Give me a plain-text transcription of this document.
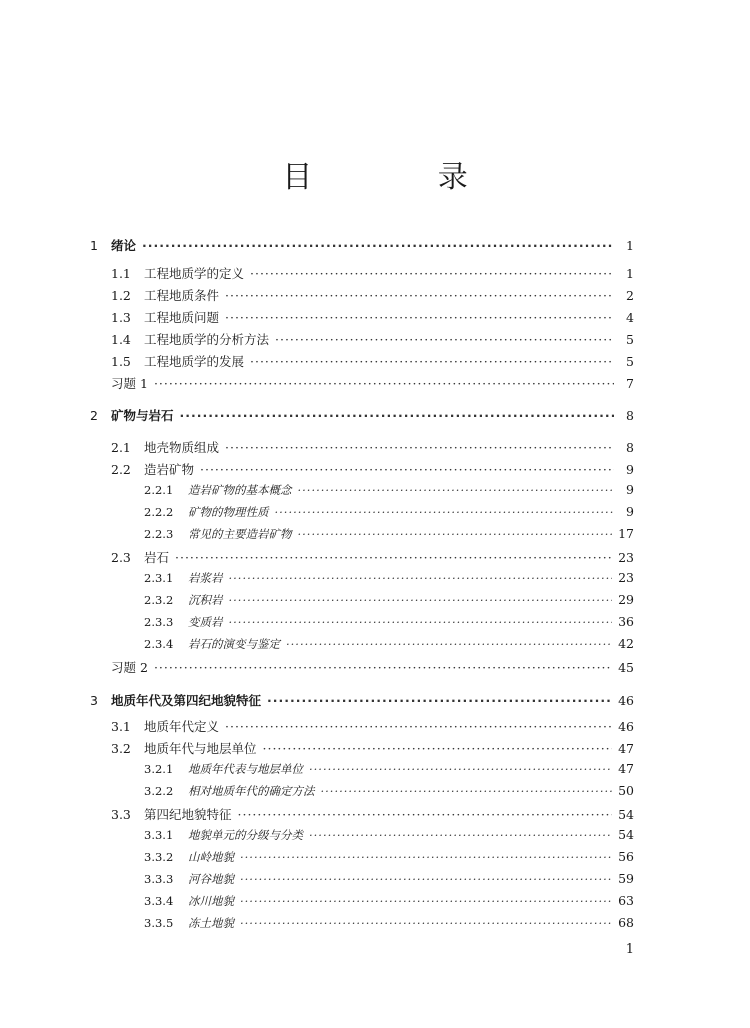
目 录
1	绪论 ·····	1
1.1	工程地质学的定义 ·····	1
1.2	工程地质条件 ·····	2
1.3	工程地质问题 ·····	4
1.4	工程地质学的分析方法 ·····	5
1.5	工程地质学的发展 ·····	5
习题 1 ·····	7
2	矿物与岩石 ·····	8
2.1	地壳物质组成 ·····	8
2.2	造岩矿物 ·····	9
2.2.1	造岩矿物的基本概念 ·····	9
2.2.2	矿物的物理性质 ·····	9
2.2.3	常见的主要造岩矿物 ·····	17
2.3	岩石 ·····	23
2.3.1	岩浆岩 ·····	23
2.3.2	沉积岩 ·····	29
2.3.3	变质岩 ·····	36
2.3.4	岩石的演变与鉴定 ·····	42
习题 2 ·····	45
3	地质年代及第四纪地貌特征 ·····	46
3.1	地质年代定义 ·····	46
3.2	地质年代与地层单位 ·····	47
3.2.1	地质年代表与地层单位 ·····	47
3.2.2	相对地质年代的确定方法 ·····	50
3.3	第四纪地貌特征 ·····	54
3.3.1	地貌单元的分级与分类 ·····	54
3.3.2	山岭地貌 ·····	56
3.3.3	河谷地貌 ·····	59
3.3.4	冰川地貌 ·····	63
3.3.5	冻土地貌 ·····	68
1
